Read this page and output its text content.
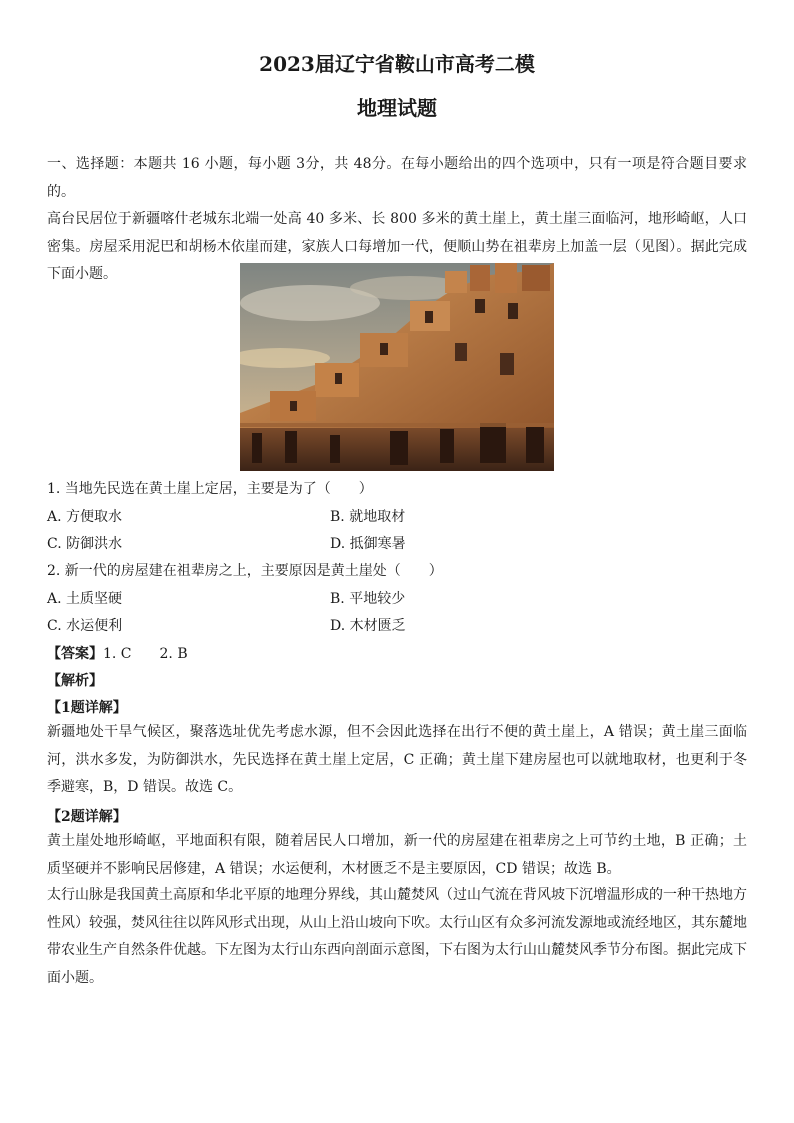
2023届辽宁省鞍山市高考二模
地理试题

一、选择题：本题共 16 小题，每小题 3分，共 48分。在每小题给出的四个选项中，只有一项是符合题目要求的。
高台民居位于新疆喀什老城东北端一处高 40 多米、长 800 多米的黄土崖上，黄土崖三面临河，地形崎岖，人口密集。房屋采用泥巴和胡杨木依崖而建，家族人口每增加一代，便顺山势在祖辈房上加盖一层（见图）。据此完成下面小题。

1. 当地先民选在黄土崖上定居，主要是为了（　　）
A. 方便取水	B. 就地取材
C. 防御洪水	D. 抵御寒暑
2. 新一代的房屋建在祖辈房之上，主要原因是黄土崖处（　　）
A. 土质坚硬	B. 平地较少
C. 水运便利	D. 木材匮乏
【答案】1. C　　2. B
【解析】
【1题详解】

新疆地处干旱气候区，聚落选址优先考虑水源，但不会因此选择在出行不便的黄土崖上，A 错误；黄土崖三面临河，洪水多发，为防御洪水，先民选择在黄土崖上定居，C 正确；黄土崖下建房屋也可以就地取材，也更利于冬季避寒，B，D 错误。故选 C。

【2题详解】

黄土崖处地形崎岖，平地面积有限，随着居民人口增加，新一代的房屋建在祖辈房之上可节约土地，B 正确；土质坚硬并不影响民居修建，A 错误；水运便利，木材匮乏不是主要原因，CD 错误；故选 B。

太行山脉是我国黄土高原和华北平原的地理分界线，其山麓焚风（过山气流在背风坡下沉增温形成的一种干热地方性风）较强，焚风往往以阵风形式出现，从山上沿山坡向下吹。太行山区有众多河流发源地或流经地区，其东麓地带农业生产自然条件优越。下左图为太行山东西向剖面示意图，下右图为太行山山麓焚风季节分布图。据此完成下面小题。
